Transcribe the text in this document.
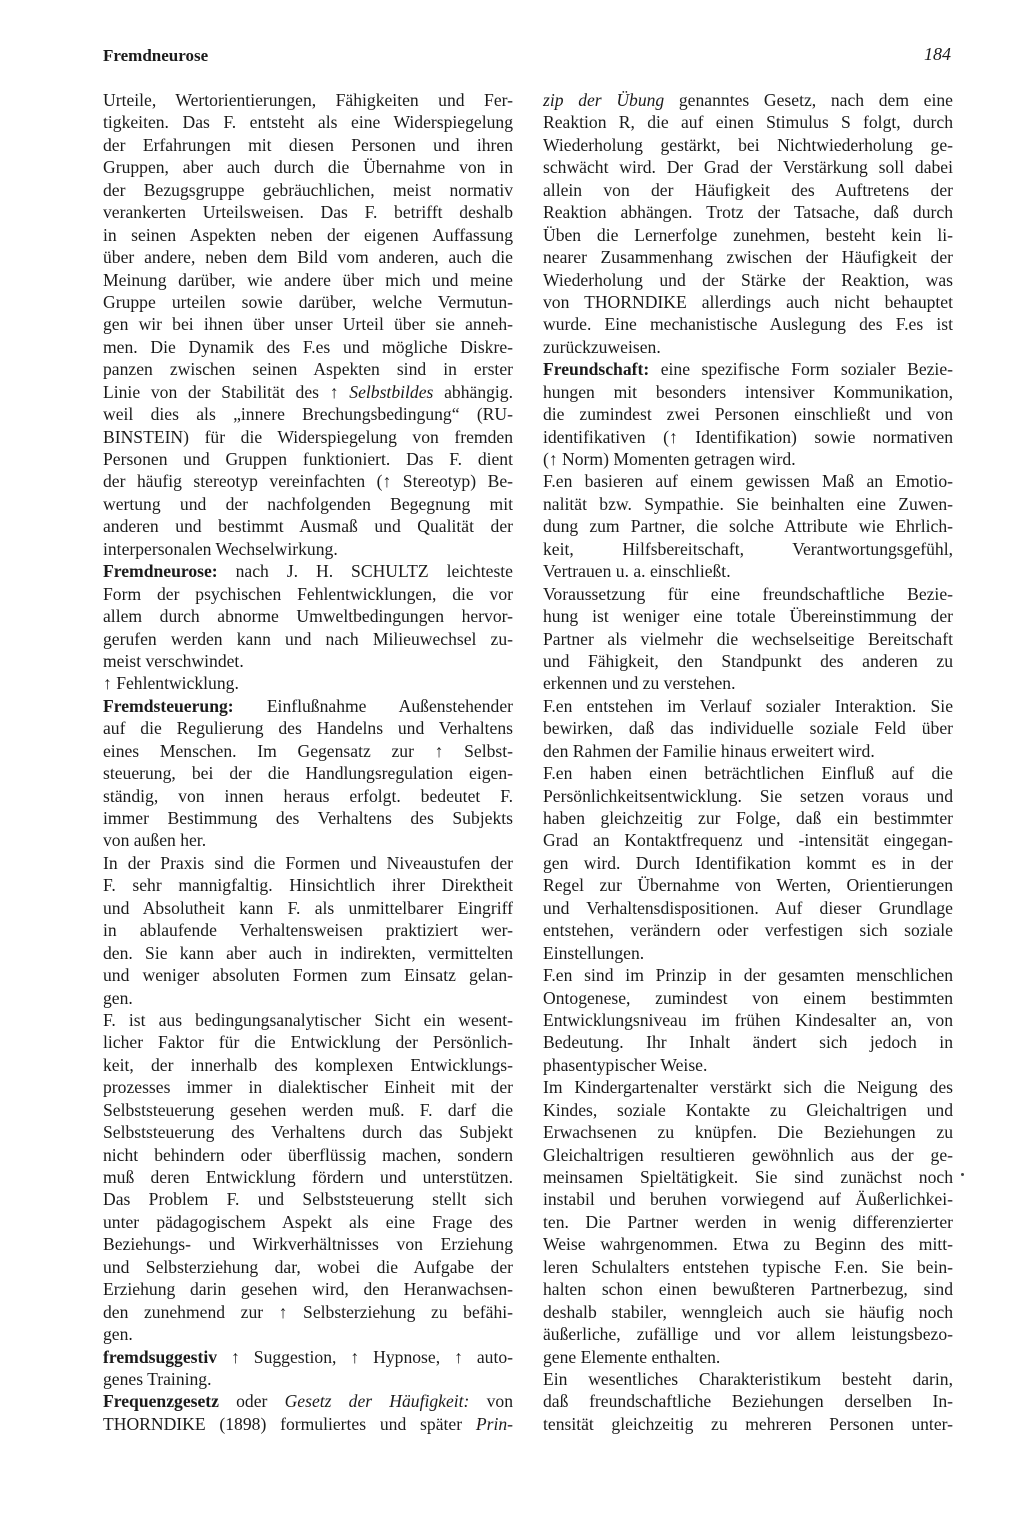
Fremdneurose	184
Urteile, Wertorientierungen, Fähigkeiten und Fer-
tigkeiten. Das F. entsteht als eine Widerspiegelung
der Erfahrungen mit diesen Personen und ihren
Gruppen, aber auch durch die Übernahme von in
der Bezugsgruppe gebräuchlichen, meist normativ
verankerten Urteilsweisen. Das F. betrifft deshalb
in seinen Aspekten neben der eigenen Auffassung
über andere, neben dem Bild vom anderen, auch die
Meinung darüber, wie andere über mich und meine
Gruppe urteilen sowie darüber, welche Vermutun-
gen wir bei ihnen über unser Urteil über sie anneh-
men. Die Dynamik des F.es und mögliche Diskre-
panzen zwischen seinen Aspekten sind in erster
Linie von der Stabilität des ↑ Selbstbildes abhängig.
weil dies als „innere Brechungsbedingung“ (RU-
BINSTEIN) für die Widerspiegelung von fremden
Personen und Gruppen funktioniert. Das F. dient
der häufig stereotyp vereinfachten (↑ Stereotyp) Be-
wertung und der nachfolgenden Begegnung mit
anderen und bestimmt Ausmaß und Qualität der
interpersonalen Wechselwirkung.
Fremdneurose: nach J. H. SCHULTZ leichteste
Form der psychischen Fehlentwicklungen, die vor
allem durch abnorme Umweltbedingungen hervor-
gerufen werden kann und nach Milieuwechsel zu-
meist verschwindet.
↑ Fehlentwicklung.
Fremdsteuerung: Einflußnahme Außenstehender
auf die Regulierung des Handelns und Verhaltens
eines Menschen. Im Gegensatz zur ↑ Selbst-
steuerung, bei der die Handlungsregulation eigen-
ständig, von innen heraus erfolgt. bedeutet F.
immer Bestimmung des Verhaltens des Subjekts
von außen her.
In der Praxis sind die Formen und Niveaustufen der
F. sehr mannigfaltig. Hinsichtlich ihrer Direktheit
und Absolutheit kann F. als unmittelbarer Eingriff
in ablaufende Verhaltensweisen praktiziert wer-
den. Sie kann aber auch in indirekten, vermittelten
und weniger absoluten Formen zum Einsatz gelan-
gen.
F. ist aus bedingungsanalytischer Sicht ein wesent-
licher Faktor für die Entwicklung der Persönlich-
keit, der innerhalb des komplexen Entwicklungs-
prozesses immer in dialektischer Einheit mit der
Selbststeuerung gesehen werden muß. F. darf die
Selbststeuerung des Verhaltens durch das Subjekt
nicht behindern oder überflüssig machen, sondern
muß deren Entwicklung fördern und unterstützen.
Das Problem F. und Selbststeuerung stellt sich
unter pädagogischem Aspekt als eine Frage des
Beziehungs- und Wirkverhältnisses von Erziehung
und Selbsterziehung dar, wobei die Aufgabe der
Erziehung darin gesehen wird, den Heranwachsen-
den zunehmend zur ↑ Selbsterziehung zu befähi-
gen.
fremdsuggestiv ↑ Suggestion, ↑ Hypnose, ↑ auto-
genes Training.
Frequenzgesetz oder Gesetz der Häufigkeit: von
THORNDIKE (1898) formuliertes und später Prin-
zip der Übung genanntes Gesetz, nach dem eine
Reaktion R, die auf einen Stimulus S folgt, durch
Wiederholung gestärkt, bei Nichtwiederholung ge-
schwächt wird. Der Grad der Verstärkung soll dabei
allein von der Häufigkeit des Auftretens der
Reaktion abhängen. Trotz der Tatsache, daß durch
Üben die Lernerfolge zunehmen, besteht kein li-
nearer Zusammenhang zwischen der Häufigkeit der
Wiederholung und der Stärke der Reaktion, was
von THORNDIKE allerdings auch nicht behauptet
wurde. Eine mechanistische Auslegung des F.es ist
zurückzuweisen.
Freundschaft: eine spezifische Form sozialer Bezie-
hungen mit besonders intensiver Kommunikation,
die zumindest zwei Personen einschließt und von
identifikativen (↑ Identifikation) sowie normativen
(↑ Norm) Momenten getragen wird.
F.en basieren auf einem gewissen Maß an Emotio-
nalität bzw. Sympathie. Sie beinhalten eine Zuwen-
dung zum Partner, die solche Attribute wie Ehrlich-
keit, Hilfsbereitschaft, Verantwortungsgefühl,
Vertrauen u. a. einschließt.
Voraussetzung für eine freundschaftliche Bezie-
hung ist weniger eine totale Übereinstimmung der
Partner als vielmehr die wechselseitige Bereitschaft
und Fähigkeit, den Standpunkt des anderen zu
erkennen und zu verstehen.
F.en entstehen im Verlauf sozialer Interaktion. Sie
bewirken, daß das individuelle soziale Feld über
den Rahmen der Familie hinaus erweitert wird.
F.en haben einen beträchtlichen Einfluß auf die
Persönlichkeitsentwicklung. Sie setzen voraus und
haben gleichzeitig zur Folge, daß ein bestimmter
Grad an Kontaktfrequenz und -intensität eingegan-
gen wird. Durch Identifikation kommt es in der
Regel zur Übernahme von Werten, Orientierungen
und Verhaltensdispositionen. Auf dieser Grundlage
entstehen, verändern oder verfestigen sich soziale
Einstellungen.
F.en sind im Prinzip in der gesamten menschlichen
Ontogenese, zumindest von einem bestimmten
Entwicklungsniveau im frühen Kindesalter an, von
Bedeutung. Ihr Inhalt ändert sich jedoch in
phasentypischer Weise.
Im Kindergartenalter verstärkt sich die Neigung des
Kindes, soziale Kontakte zu Gleichaltrigen und
Erwachsenen zu knüpfen. Die Beziehungen zu
Gleichaltrigen resultieren gewöhnlich aus der ge-
meinsamen Spieltätigkeit. Sie sind zunächst noch
instabil und beruhen vorwiegend auf Äußerlichkei-
ten. Die Partner werden in wenig differenzierter
Weise wahrgenommen. Etwa zu Beginn des mitt-
leren Schulalters entstehen typische F.en. Sie bein-
halten schon einen bewußteren Partnerbezug, sind
deshalb stabiler, wenngleich auch sie häufig noch
äußerliche, zufällige und vor allem leistungsbezo-
gene Elemente enthalten.
Ein wesentliches Charakteristikum besteht darin,
daß freundschaftliche Beziehungen derselben In-
tensität gleichzeitig zu mehreren Personen unter-
